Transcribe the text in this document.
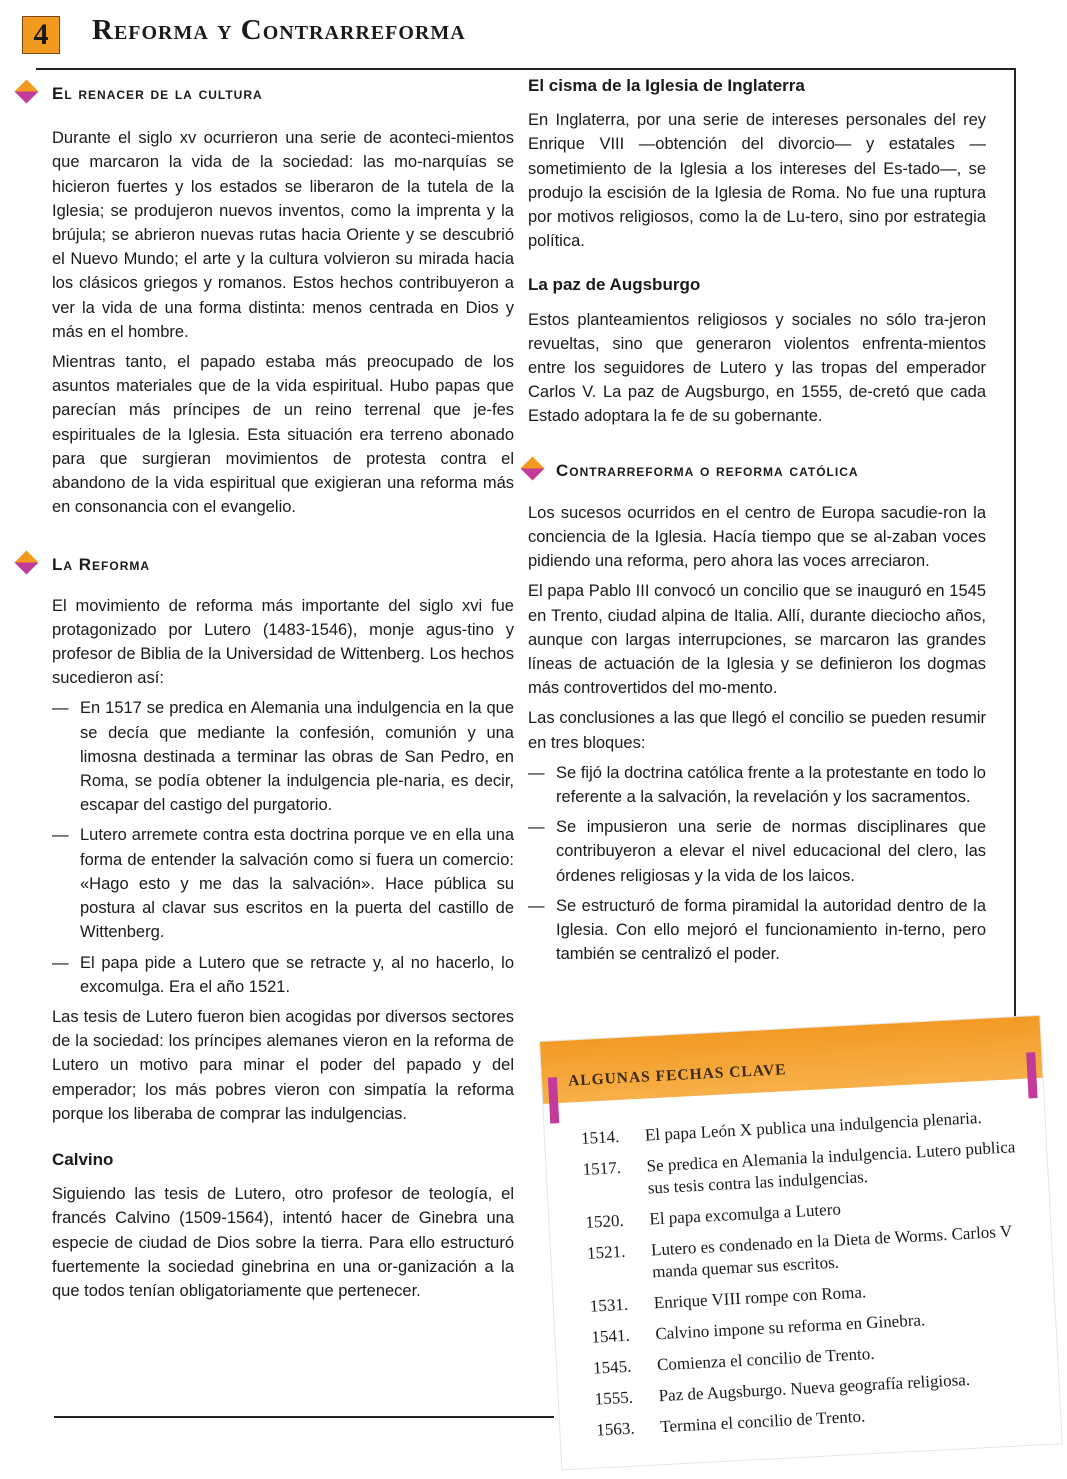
4	Reforma y Contrarreforma
El renacer de la cultura

Durante el siglo xv ocurrieron una serie de aconteci-mientos que marcaron la vida de la sociedad: las mo-narquías se hicieron fuertes y los estados se liberaron de la tutela de la Iglesia; se produjeron nuevos inventos, como la imprenta y la brújula; se abrieron nuevas rutas hacia Oriente y se descubrió el Nuevo Mundo; el arte y la cultura volvieron su mirada hacia los clásicos griegos y romanos. Estos hechos contribuyeron a ver la vida de una forma distinta: menos centrada en Dios y más en el hombre.

Mientras tanto, el papado estaba más preocupado de los asuntos materiales que de la vida espiritual. Hubo papas que parecían más príncipes de un reino terrenal que je-fes espirituales de la Iglesia. Esta situación era terreno abonado para que surgieran movimientos de protesta contra el abandono de la vida espiritual que exigieran una reforma más en consonancia con el evangelio.

La Reforma

El movimiento de reforma más importante del siglo xvi fue protagonizado por Lutero (1483-1546), monje agus-tino y profesor de Biblia de la Universidad de Wittenberg. Los hechos sucedieron así:

— En 1517 se predica en Alemania una indulgencia en la que se decía que mediante la confesión, comunión y una limosna destinada a terminar las obras de San Pedro, en Roma, se podía obtener la indulgencia ple-naria, es decir, escapar del castigo del purgatorio.
— Lutero arremete contra esta doctrina porque ve en ella una forma de entender la salvación como si fuera un comercio: «Hago esto y me das la salvación». Hace pública su postura al clavar sus escritos en la puerta del castillo de Wittenberg.
— El papa pide a Lutero que se retracte y, al no hacerlo, lo excomulga. Era el año 1521.

Las tesis de Lutero fueron bien acogidas por diversos sectores de la sociedad: los príncipes alemanes vieron en la reforma de Lutero un motivo para minar el poder del papado y del emperador; los más pobres vieron con simpatía la reforma porque los liberaba de comprar las indulgencias.

Calvino

Siguiendo las tesis de Lutero, otro profesor de teología, el francés Calvino (1509-1564), intentó hacer de Ginebra una especie de ciudad de Dios sobre la tierra. Para ello estructuró fuertemente la sociedad ginebrina en una or-ganización a la que todos tenían obligatoriamente que pertenecer.

El cisma de la Iglesia de Inglaterra

En Inglaterra, por una serie de intereses personales del rey Enrique VIII —obtención del divorcio— y estatales —sometimiento de la Iglesia a los intereses del Es-tado—, se produjo la escisión de la Iglesia de Roma. No fue una ruptura por motivos religiosos, como la de Lu-tero, sino por estrategia política.

La paz de Augsburgo

Estos planteamientos religiosos y sociales no sólo tra-jeron revueltas, sino que generaron violentos enfrenta-mientos entre los seguidores de Lutero y las tropas del emperador Carlos V. La paz de Augsburgo, en 1555, de-cretó que cada Estado adoptara la fe de su gobernante.

Contrarreforma o reforma católica

Los sucesos ocurridos en el centro de Europa sacudie-ron la conciencia de la Iglesia. Hacía tiempo que se al-zaban voces pidiendo una reforma, pero ahora las voces arreciaron.

El papa Pablo III convocó un concilio que se inauguró en 1545 en Trento, ciudad alpina de Italia. Allí, durante dieciocho años, aunque con largas interrupciones, se marcaron las grandes líneas de actuación de la Iglesia y se definieron los dogmas más controvertidos del mo-mento.

Las conclusiones a las que llegó el concilio se pueden resumir en tres bloques:

— Se fijó la doctrina católica frente a la protestante en todo lo referente a la salvación, la revelación y los sacramentos.
— Se impusieron una serie de normas disciplinares que contribuyeron a elevar el nivel educacional del clero, las órdenes religiosas y la vida de los laicos.
— Se estructuró de forma piramidal la autoridad dentro de la Iglesia. Con ello mejoró el funcionamiento in-terno, pero también se centralizó el poder.
ALGUNAS FECHAS CLAVE
1514.	El papa León X publica una indulgencia plenaria.
1517.	Se predica en Alemania la indulgencia. Lutero publica sus tesis contra las indulgencias.
1520.	El papa excomulga a Lutero
1521.	Lutero es condenado en la Dieta de Worms. Carlos V manda quemar sus escritos.
1531.	Enrique VIII rompe con Roma.
1541.	Calvino impone su reforma en Ginebra.
1545.	Comienza el concilio de Trento.
1555.	Paz de Augsburgo. Nueva geografía religiosa.
1563.	Termina el concilio de Trento.
